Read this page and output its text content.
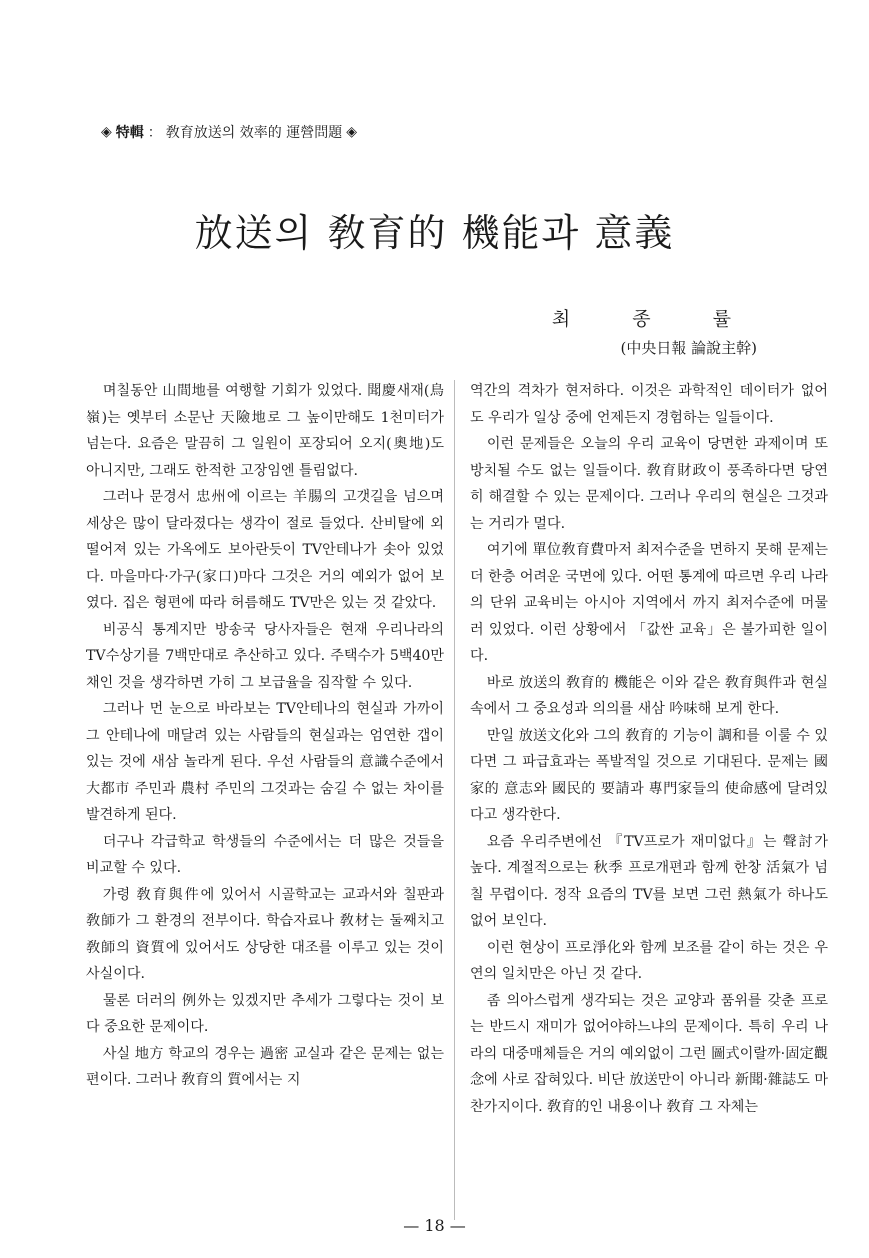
◈ 特輯 ： 敎育放送의 效率的 運營問題 ◈
放送의 敎育的 機能과 意義
최 종 률
(中央日報 論說主幹)

며칠동안 山間地를 여행할 기회가 있었다. 聞慶새재(鳥嶺)는 옛부터 소문난 天險地로 그 높이만해도 1천미터가 넘는다. 요즘은 말끔히 그 일원이 포장되어 오지(奧地)도 아니지만, 그래도 한적한 고장임엔 틀림없다.

그러나 문경서 忠州에 이르는 羊腸의 고갯길을 넘으며 세상은 많이 달라졌다는 생각이 절로 들었다. 산비탈에 외떨어져 있는 가옥에도 보아란듯이 TV안테나가 솟아 있었다. 마을마다·가구(家口)마다 그것은 거의 예외가 없어 보였다. 집은 형편에 따라 허름해도 TV만은 있는 것 같았다.

비공식 통계지만 방송국 당사자들은 현재 우리나라의 TV수상기를 7백만대로 추산하고 있다. 주택수가 5백40만채인 것을 생각하면 가히 그 보급율을 짐작할 수 있다.

그러나 먼 눈으로 바라보는 TV안테나의 현실과 가까이 그 안테나에 매달려 있는 사람들의 현실과는 엄연한 갭이 있는 것에 새삼 놀라게 된다. 우선 사람들의 意識수준에서 大都市 주민과 農村 주민의 그것과는 숨길 수 없는 차이를 발견하게 된다.

더구나 각급학교 학생들의 수준에서는 더 많은 것들을 비교할 수 있다.

가령 敎育與件에 있어서 시골학교는 교과서와 칠판과 敎師가 그 환경의 전부이다. 학습자료나 敎材는 둘째치고 敎師의 資質에 있어서도 상당한 대조를 이루고 있는 것이 사실이다.

물론 더러의 例外는 있겠지만 추세가 그렇다는 것이 보다 중요한 문제이다.

사실 地方 학교의 경우는 過密 교실과 같은 문제는 없는 편이다. 그러나 敎育의 質에서는 지

역간의 격차가 현저하다. 이것은 과학적인 데이터가 없어도 우리가 일상 중에 언제든지 경험하는 일들이다.

이런 문제들은 오늘의 우리 교육이 당면한 과제이며 또 방치될 수도 없는 일들이다. 敎育財政이 풍족하다면 당연히 해결할 수 있는 문제이다. 그러나 우리의 현실은 그것과는 거리가 멀다.

여기에 單位敎育費마저 최저수준을 면하지 못해 문제는 더 한층 어려운 국면에 있다. 어떤 통계에 따르면 우리 나라의 단위 교육비는 아시아 지역에서 까지 최저수준에 머물러 있었다. 이런 상황에서 「값싼 교육」은 불가피한 일이다.

바로 放送의 敎育的 機能은 이와 같은 敎育與件과 현실 속에서 그 중요성과 의의를 새삼 吟味해 보게 한다.

만일 放送文化와 그의 敎育的 기능이 調和를 이룰 수 있다면 그 파급효과는 폭발적일 것으로 기대된다. 문제는 國家的 意志와 國民的 要請과 專門家들의 使命感에 달려있다고 생각한다.

요즘 우리주변에선 『TV프로가 재미없다』는 聲討가 높다. 계절적으로는 秋季 프로개편과 함께 한창 活氣가 넘칠 무렵이다. 정작 요즘의 TV를 보면 그런 熱氣가 하나도 없어 보인다.

이런 현상이 프로淨化와 함께 보조를 같이 하는 것은 우연의 일치만은 아닌 것 같다.

좀 의아스럽게 생각되는 것은 교양과 품위를 갖춘 프로는 반드시 재미가 없어야하느냐의 문제이다. 특히 우리 나라의 대중매체들은 거의 예외없이 그런 圖式이랄까·固定觀念에 사로 잡혀있다. 비단 放送만이 아니라 新聞·雜誌도 마찬가지이다. 敎育的인 내용이나 敎育 그 자체는

— 18 —
